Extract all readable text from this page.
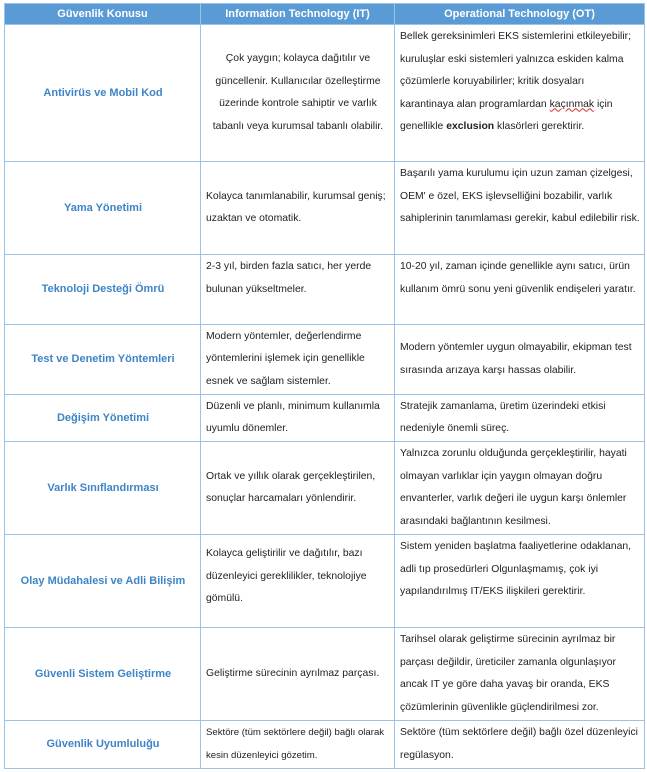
Güvenlik Konusu	Information Technology (IT)	Operational Technology (OT)
Antivirüs ve Mobil Kod	Çok yaygın; kolayca dağıtılır ve güncellenir. Kullanıcılar özelleştirme üzerinde kontrole sahiptir ve varlık tabanlı veya kurumsal tabanlı olabilir.	Bellek gereksinimleri EKS sistemlerini etkileyebilir; kuruluşlar eski sistemleri yalnızca eskiden kalma çözümlerle koruyabilirler; kritik dosyaları karantinaya alan programlardan kaçınmak için genellikle exclusion klasörleri gerektirir.
Yama Yönetimi	Kolayca tanımlanabilir, kurumsal geniş; uzaktan ve otomatik.	Başarılı yama kurulumu için uzun zaman çizelgesi, OEM' e özel, EKS işlevselliğini bozabilir, varlık sahiplerinin tanımlaması gerekir, kabul edilebilir risk.
Teknoloji Desteği Ömrü	2-3 yıl, birden fazla satıcı, her yerde bulunan yükseltmeler.	10-20 yıl, zaman içinde genellikle aynı satıcı, ürün kullanım ömrü sonu yeni güvenlik endişeleri yaratır.
Test ve Denetim Yöntemleri	Modern yöntemler, değerlendirme yöntemlerini işlemek için genellikle esnek ve sağlam sistemler.	Modern yöntemler uygun olmayabilir, ekipman test sırasında arızaya karşı hassas olabilir.
Değişim Yönetimi	Düzenli ve planlı, minimum kullanımla uyumlu dönemler.	Stratejik zamanlama, üretim üzerindeki etkisi nedeniyle önemli süreç.
Varlık Sınıflandırması	Ortak ve yıllık olarak gerçekleştirilen, sonuçlar harcamaları yönlendirir.	Yalnızca zorunlu olduğunda gerçekleştirilir, hayati olmayan varlıklar için yaygın olmayan doğru envanterler, varlık değeri ile uygun karşı önlemler arasındaki bağlantının kesilmesi.
Olay Müdahalesi ve Adli Bilişim	Kolayca geliştirilir ve dağıtılır, bazı düzenleyici gereklilikler, teknolojiye gömülü.	Sistem yeniden başlatma faaliyetlerine odaklanan, adli tıp prosedürleri Olgunlaşmamış, çok iyi yapılandırılmış IT/EKS ilişkileri gerektirir.
Güvenli Sistem Geliştirme	Geliştirme sürecinin ayrılmaz parçası.	Tarihsel olarak geliştirme sürecinin ayrılmaz bir parçası değildir, üreticiler zamanla olgunlaşıyor ancak IT ye göre daha yavaş bir oranda, EKS çözümlerinin güvenlikle güçlendirilmesi zor.
Güvenlik Uyumluluğu	Sektöre (tüm sektörlere değil) bağlı olarak kesin düzenleyici gözetim.	Sektöre (tüm sektörlere değil) bağlı özel düzenleyici regülasyon.
